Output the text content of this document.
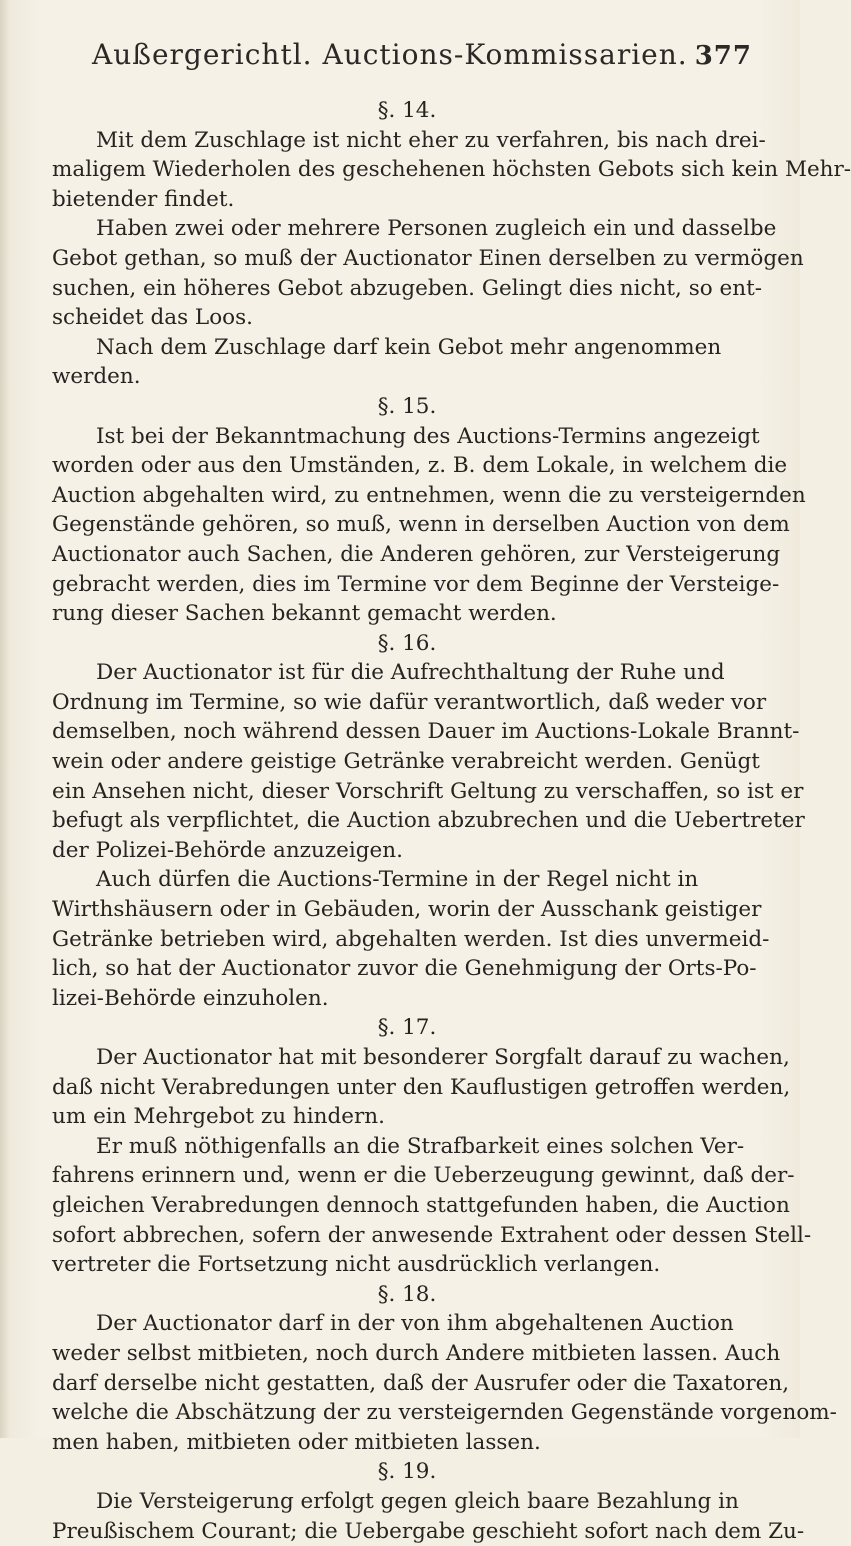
Außergerichtl. Auctions-Kommissarien. 377

§. 14.

Mit dem Zuschlage ist nicht eher zu verfahren, bis nach drei-

maligem Wiederholen des geschehenen höchsten Gebots sich kein Mehr-

bietender findet.

Haben zwei oder mehrere Personen zugleich ein und dasselbe

Gebot gethan, so muß der Auctionator Einen derselben zu vermögen

suchen, ein höheres Gebot abzugeben. Gelingt dies nicht, so ent-

scheidet das Loos.

Nach dem Zuschlage darf kein Gebot mehr angenommen

werden.

§. 15.

Ist bei der Bekanntmachung des Auctions-Termins angezeigt

worden oder aus den Umständen, z. B. dem Lokale, in welchem die

Auction abgehalten wird, zu entnehmen, wenn die zu versteigernden

Gegenstände gehören, so muß, wenn in derselben Auction von dem

Auctionator auch Sachen, die Anderen gehören, zur Versteigerung

gebracht werden, dies im Termine vor dem Beginne der Versteige-

rung dieser Sachen bekannt gemacht werden.

§. 16.

Der Auctionator ist für die Aufrechthaltung der Ruhe und

Ordnung im Termine, so wie dafür verantwortlich, daß weder vor

demselben, noch während dessen Dauer im Auctions-Lokale Brannt-

wein oder andere geistige Getränke verabreicht werden. Genügt

ein Ansehen nicht, dieser Vorschrift Geltung zu verschaffen, so ist er

befugt als verpflichtet, die Auction abzubrechen und die Uebertreter

der Polizei-Behörde anzuzeigen.

Auch dürfen die Auctions-Termine in der Regel nicht in

Wirthshäusern oder in Gebäuden, worin der Ausschank geistiger

Getränke betrieben wird, abgehalten werden. Ist dies unvermeid-

lich, so hat der Auctionator zuvor die Genehmigung der Orts-Po-

lizei-Behörde einzuholen.

§. 17.

Der Auctionator hat mit besonderer Sorgfalt darauf zu wachen,

daß nicht Verabredungen unter den Kauflustigen getroffen werden,

um ein Mehrgebot zu hindern.

Er muß nöthigenfalls an die Strafbarkeit eines solchen Ver-

fahrens erinnern und, wenn er die Ueberzeugung gewinnt, daß der-

gleichen Verabredungen dennoch stattgefunden haben, die Auction

sofort abbrechen, sofern der anwesende Extrahent oder dessen Stell-

vertreter die Fortsetzung nicht ausdrücklich verlangen.

§. 18.

Der Auctionator darf in der von ihm abgehaltenen Auction

weder selbst mitbieten, noch durch Andere mitbieten lassen. Auch

darf derselbe nicht gestatten, daß der Ausrufer oder die Taxatoren,

welche die Abschätzung der zu versteigernden Gegenstände vorgenom-

men haben, mitbieten oder mitbieten lassen.

§. 19.

Die Versteigerung erfolgt gegen gleich baare Bezahlung in

Preußischem Courant; die Uebergabe geschieht sofort nach dem Zu-
